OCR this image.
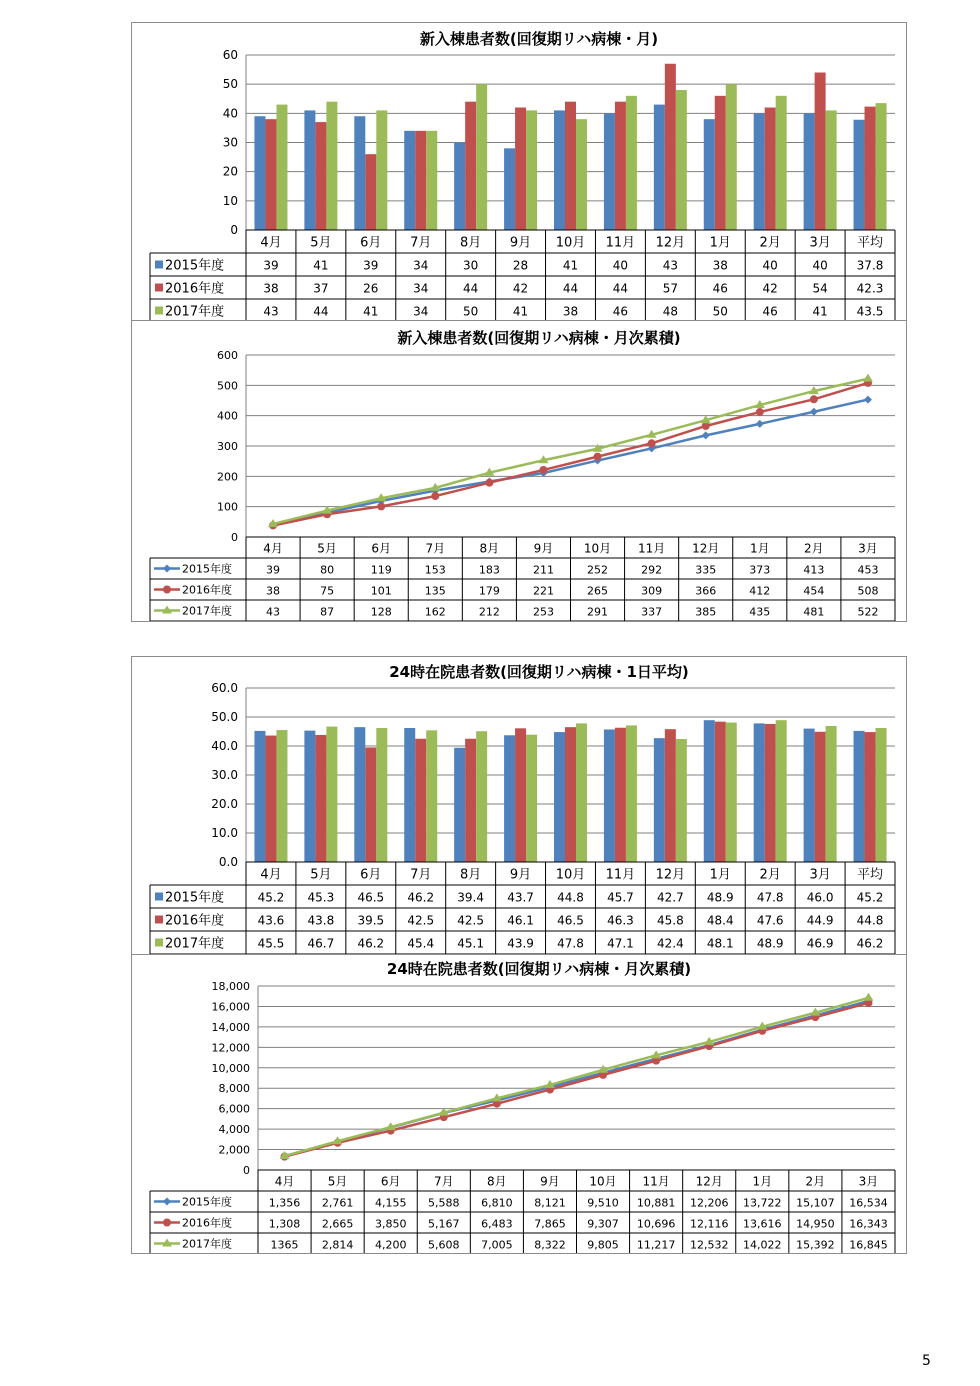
新入棟患者数(回復期リハ病棟・月)
0
10
20
30
40
50
60
4月 5月 6月 7月 8月 9月 10月 11月 12月 1月 2月 3月 平均
2015年度	39	41	39	34	30	28	41	40	43	38	40	40 37.8
2016年度	38	37	26	34	44	42	44	44	57	46	42	54 42.3
2017年度	43	44	41	34	50	41	38	46	48	50	46	41 43.5
新入棟患者数(回復期リハ病棟・月次累積)
0
100
200
300
400
500
600
4月	5月	6月	7月	8月	9月	10月 11月 12月	1月	2月	3月
2015年度	39	80	119	153	183	211	252	292	335	373	413	453
2016年度	38	75	101	135	179	221	265	309	366	412	454	508
2017年度	43	87	128	162	212	253	291	337	385	435	481	522
24時在院患者数(回復期リハ病棟・1日平均)
0.0
10.0
20.0
30.0
40.0
50.0
60.0
4月 5月 6月 7月 8月 9月 10月 11月 12月 1月 2月 3月 平均
2015年度	45.2 45.3 46.5 46.2 39.4 43.7 44.8 45.7 42.7 48.9 47.8 46.0 45.2
2016年度	43.6 43.8 39.5 42.5 42.5 46.1 46.5 46.3 45.8 48.4 47.6 44.9 44.8
2017年度	45.5 46.7 46.2 45.4 45.1 43.9 47.8 47.1 42.4 48.1 48.9 46.9 46.2
24時在院患者数(回復期リハ病棟・月次累積)
0
2,000
4,000
6,000
8,000
10,000
12,000
14,000
16,000
18,000
4月	5月	6月	7月	8月	9月 10月 11月 12月 1月	2月	3月
2015年度	1,356 2,761 4,155 5,588 6,810 8,121 9,510 10,881 12,206 13,722 15,107 16,534
2016年度	1,308 2,665 3,850 5,167 6,483 7,865 9,307 10,696 12,116 13,616 14,950 16,343
2017年度	1365 2,814 4,200 5,608 7,005 8,322 9,805 11,217 12,532 14,022 15,392 16,845
5
